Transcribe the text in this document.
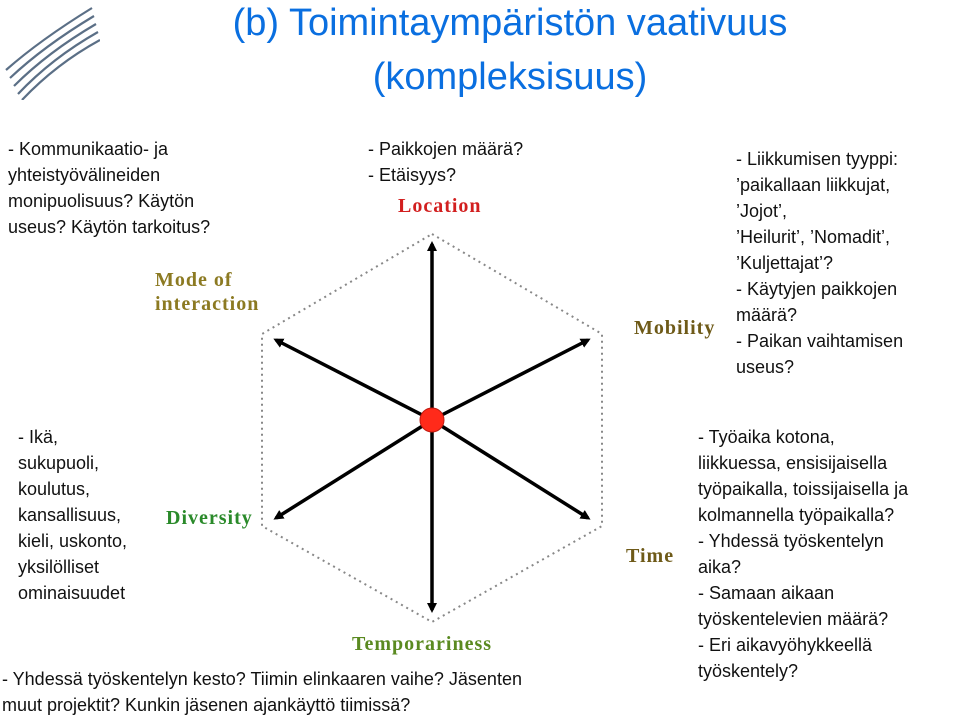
(b) Toimintaympäristön vaativuus
(kompleksisuus)
Mode of
interaction
Location
Mobility
Diversity
Time
Temporariness
- Kommunikaatio- ja
yhteistyövälineiden
monipuolisuus? Käytön
useus? Käytön tarkoitus?
- Paikkojen määrä?
- Etäisyys?
- Liikkumisen tyyppi:
’paikallaan liikkujat,
’Jojot’,
’Heilurit’, ’Nomadit’,
’Kuljettajat’?
- Käytyjen paikkojen
määrä?
- Paikan vaihtamisen
useus?
- Ikä,
sukupuoli,
koulutus,
kansallisuus,
kieli, uskonto,
yksilölliset
ominaisuudet
- Työaika kotona,
liikkuessa, ensisijaisella
työpaikalla, toissijaisella ja
kolmannella työpaikalla?
- Yhdessä työskentelyn
aika?
- Samaan aikaan
työskentelevien määrä?
- Eri aikavyöhykkeellä
työskentely?
- Yhdessä työskentelyn kesto? Tiimin elinkaaren vaihe? Jäsenten
muut projektit? Kunkin jäsenen ajankäyttö tiimissä?
